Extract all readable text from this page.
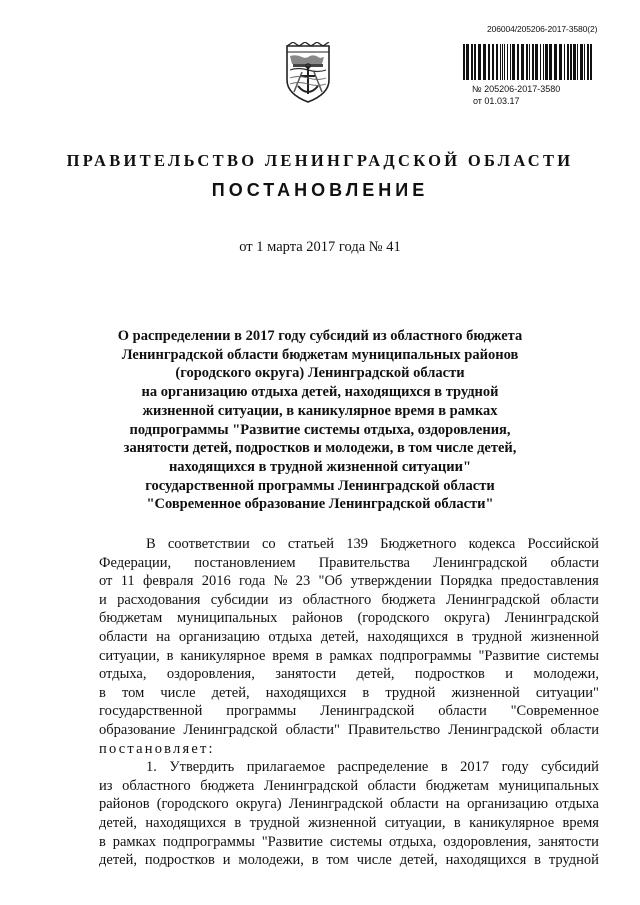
206004/205206-2017-3580(2)
№ 205206-2017-3580
от 01.03.17
ПРАВИТЕЛЬСТВО ЛЕНИНГРАДСКОЙ ОБЛАСТИ
ПОСТАНОВЛЕНИЕ
от 1 марта 2017 года № 41
О распределении в 2017 году субсидий из областного бюджета
Ленинградской области бюджетам муниципальных районов
(городского округа) Ленинградской области
на организацию отдыха детей, находящихся в трудной
жизненной ситуации, в каникулярное время в рамках
подпрограммы "Развитие системы отдыха, оздоровления,
занятости детей, подростков и молодежи, в том числе детей,
находящихся в трудной жизненной ситуации"
государственной программы Ленинградской области
"Современное образование Ленинградской области"
В соответствии со статьей 139 Бюджетного кодекса Российской
Федерации, постановлением Правительства Ленинградской области
от 11 февраля 2016 года № 23 "Об утверждении Порядка предоставления
и расходования субсидии из областного бюджета Ленинградской области
бюджетам муниципальных районов (городского округа) Ленинградской
области на организацию отдыха детей, находящихся в трудной жизненной
ситуации, в каникулярное время в рамках подпрограммы "Развитие системы
отдыха, оздоровления, занятости детей, подростков и молодежи,
в том числе детей, находящихся в трудной жизненной ситуации"
государственной программы Ленинградской области "Современное
образование Ленинградской области" Правительство Ленинградской области
постановляет:
1. Утвердить прилагаемое распределение в 2017 году субсидий
из областного бюджета Ленинградской области бюджетам муниципальных
районов (городского округа) Ленинградской области на организацию отдыха
детей, находящихся в трудной жизненной ситуации, в каникулярное время
в рамках подпрограммы "Развитие системы отдыха, оздоровления, занятости
детей, подростков и молодежи, в том числе детей, находящихся в трудной
